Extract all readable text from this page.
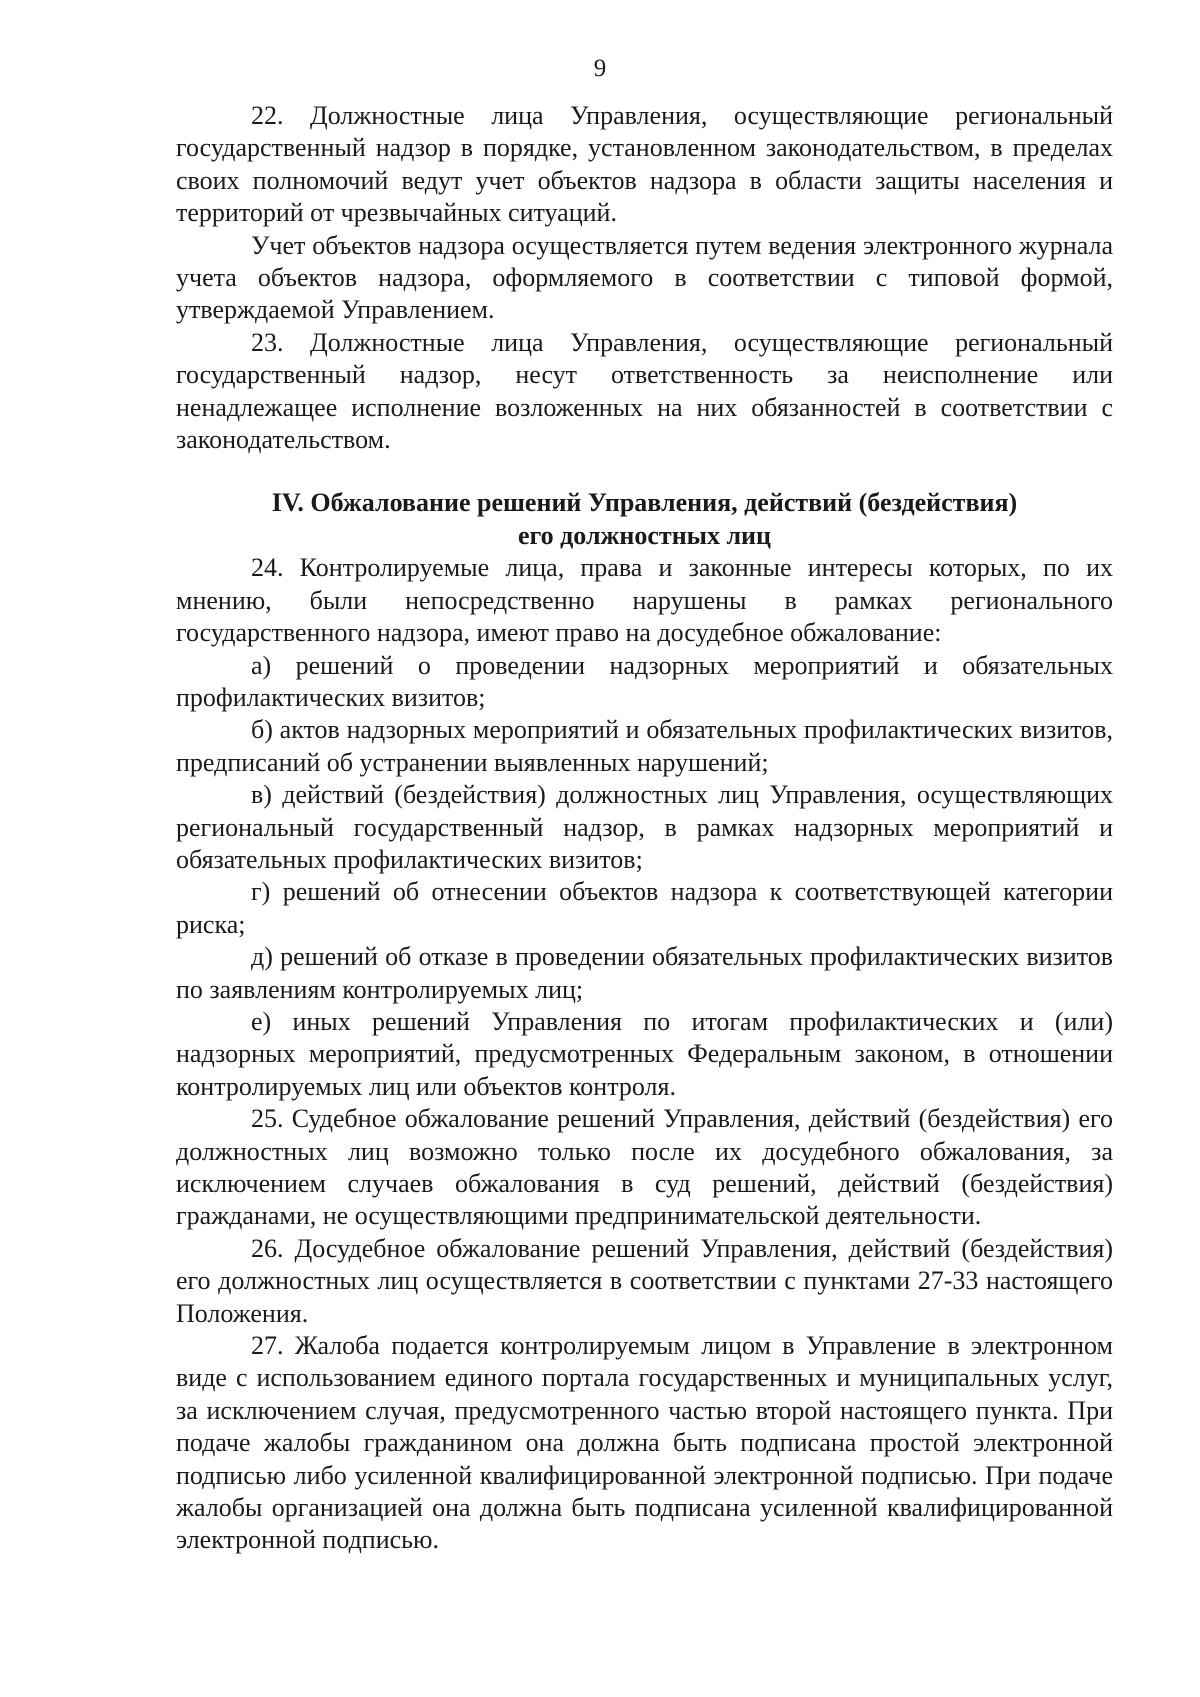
9

22. Должностные лица Управления, осуществляющие региональный государственный надзор в порядке, установленном законодательством, в пределах своих полномочий ведут учет объектов надзора в области защиты населения и территорий от чрезвычайных ситуаций.

Учет объектов надзора осуществляется путем ведения электронного журнала учета объектов надзора, оформляемого в соответствии с типовой формой, утверждаемой Управлением.

23. Должностные лица Управления, осуществляющие региональный государственный надзор, несут ответственность за неисполнение или ненадлежащее исполнение возложенных на них обязанностей в соответствии с законодательством.

IV. Обжалование решений Управления, действий (бездействия)
его должностных лиц

24. Контролируемые лица, права и законные интересы которых, по их мнению, были непосредственно нарушены в рамках регионального государственного надзора, имеют право на досудебное обжалование:

а) решений о проведении надзорных мероприятий и обязательных профилактических визитов;

б) актов надзорных мероприятий и обязательных профилактических визитов, предписаний об устранении выявленных нарушений;

в) действий (бездействия) должностных лиц Управления, осуществляющих региональный государственный надзор, в рамках надзорных мероприятий и обязательных профилактических визитов;

г) решений об отнесении объектов надзора к соответствующей категории риска;

д) решений об отказе в проведении обязательных профилактических визитов по заявлениям контролируемых лиц;

е) иных решений Управления по итогам профилактических и (или) надзорных мероприятий, предусмотренных Федеральным законом, в отношении контролируемых лиц или объектов контроля.

25. Судебное обжалование решений Управления, действий (бездействия) его должностных лиц возможно только после их досудебного обжалования, за исключением случаев обжалования в суд решений, действий (бездействия) гражданами, не осуществляющими предпринимательской деятельности.

26. Досудебное обжалование решений Управления, действий (бездействия) его должностных лиц осуществляется в соответствии с пунктами 27-33 настоящего Положения.

27. Жалоба подается контролируемым лицом в Управление в электронном виде с использованием единого портала государственных и муниципальных услуг, за исключением случая, предусмотренного частью второй настоящего пункта. При подаче жалобы гражданином она должна быть подписана простой электронной подписью либо усиленной квалифицированной электронной подписью. При подаче жалобы организацией она должна быть подписана усиленной квалифицированной электронной подписью.
